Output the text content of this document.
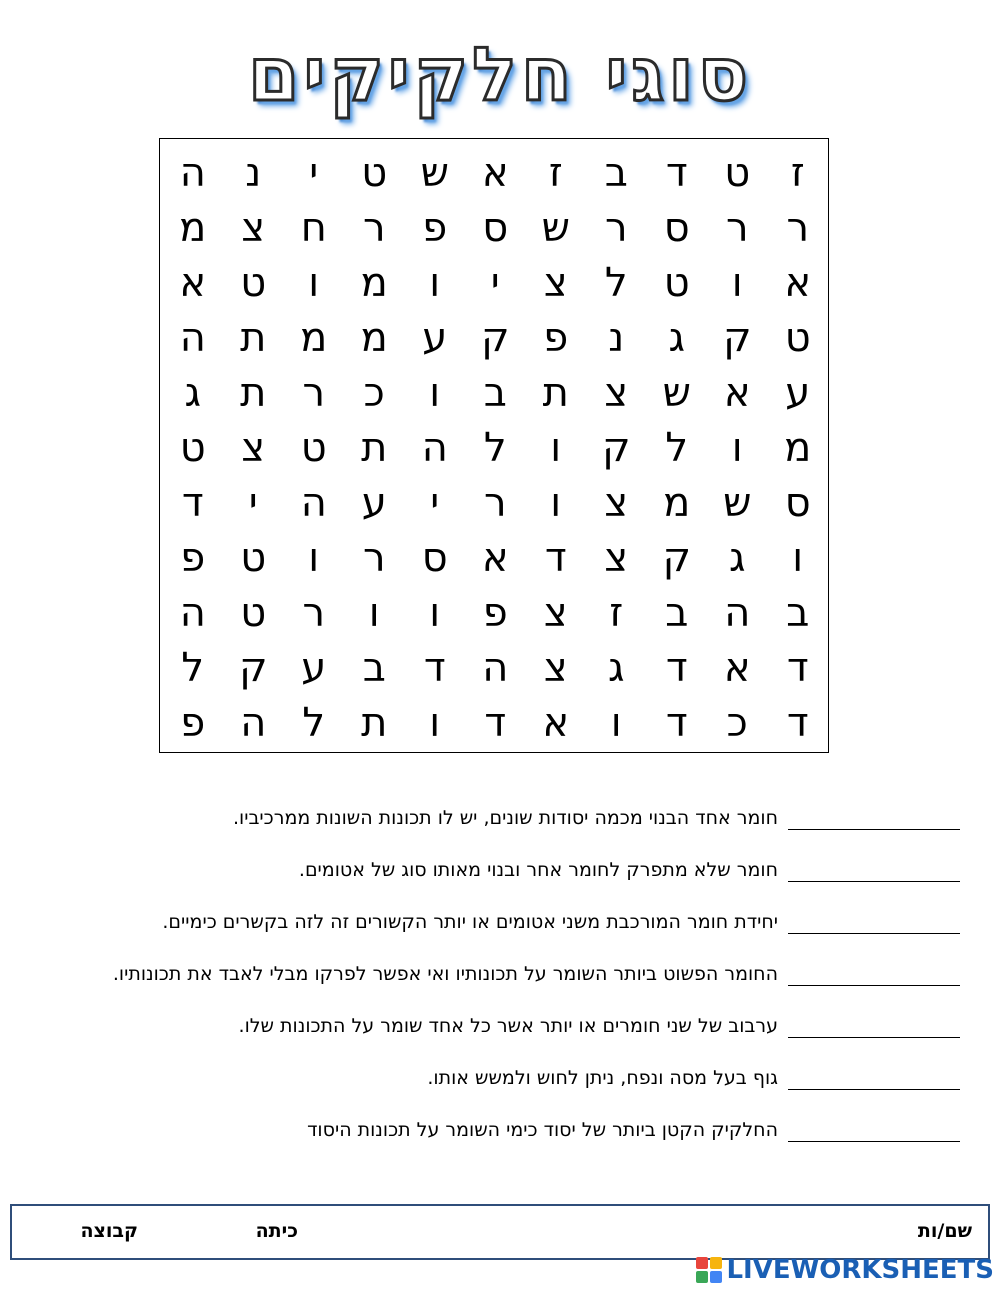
סוגי חלקיקים
ז
ט
ד
ב
ז
א
ש
ט
י
נ
ה
ר
ר
ס
ר
ש
ס
פ
ר
ח
צ
מ
א
ו
ט
ל
צ
י
ו
מ
ו
ט
א
ט
ק
ג
נ
פ
ק
ע
מ
מ
ת
ה
ע
א
ש
צ
ת
ב
ו
כ
ר
ת
ג
מ
ו
ל
ק
ו
ל
ה
ת
ט
צ
ט
ס
ש
מ
צ
ו
ר
י
ע
ה
י
ד
ו
ג
ק
צ
ד
א
ס
ר
ו
ט
פ
ב
ה
ב
ז
צ
פ
ו
ו
ר
ט
ה
ד
א
ד
ג
צ
ה
ד
ב
ע
ק
ל
ד
כ
ד
ו
א
ד
ו
ת
ל
ה
פ
חומר אחד הבנוי מכמה יסודות שונים, יש לו תכונות השונות ממרכיביו.
חומר שלא מתפרק לחומר אחר ובנוי מאותו סוג של אטומים.
יחידת חומר המורכבת משני אטומים או יותר הקשורים זה לזה בקשרים כימיים.
החומר הפשוט ביותר השומר על תכונותיו ואי אפשר לפרקו מבלי לאבד את תכונותיו.
ערבוב של שני חומרים או יותר אשר כל אחד שומר על התכונות שלו.
גוף בעל מסה ונפח, ניתן לחוש ולמשש אותו.
החלקיק הקטן ביותר של יסוד כימי השומר על תכונות היסוד
שם/ות
כיתה
קבוצה
LIVEWORKSHEETS
